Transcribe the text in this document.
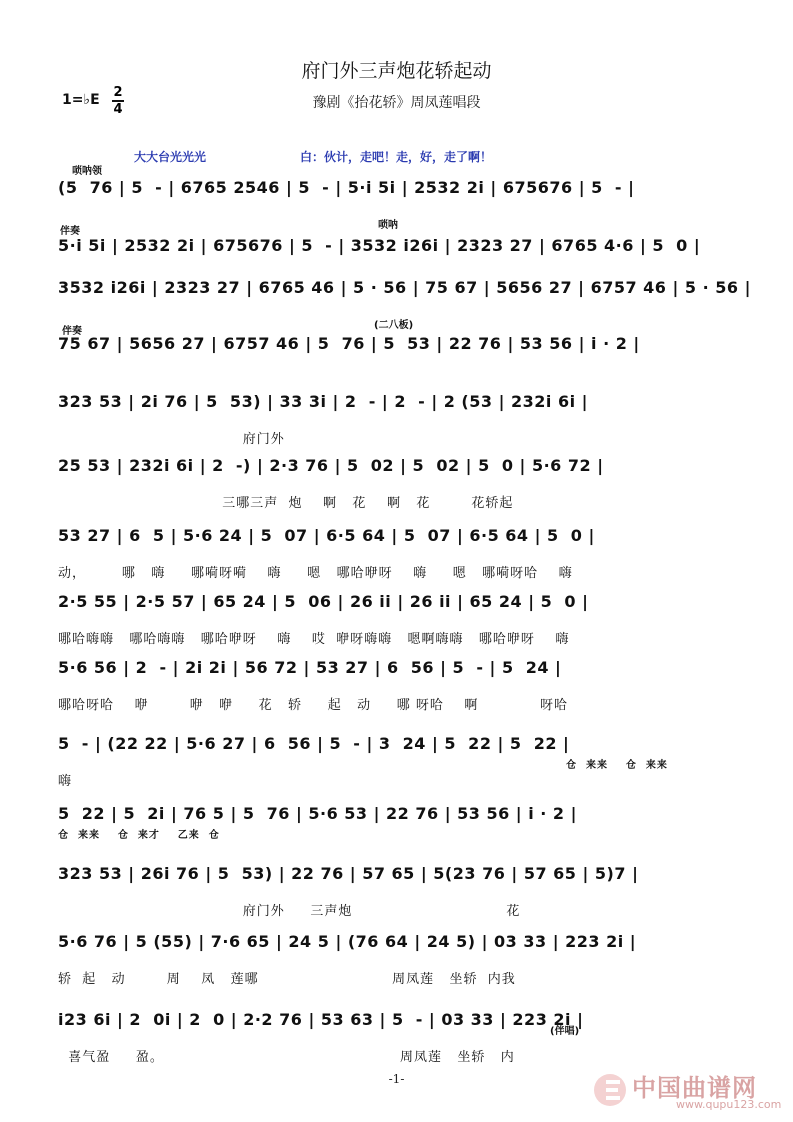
府门外三声炮花轿起动
豫剧《抬花轿》周凤莲唱段
1=♭E 2
4
大大台光光光	白：伙计，走吧！走，好，走了啊！
唢呐领
伴奏
唢呐
伴奏
(二八板)
(伴唱)
(5  76 | 5  - | 6765 2546 | 5  - | 5·i 5i | 2532 2i | 675676 | 5  - |
5·i 5i | 2532 2i | 675676 | 5  - | 3532 i26i | 2323 27 | 6765 4·6 | 5  0 |
3532 i26i | 2323 27 | 6765 46 | 5 · 56 | 75 67 | 5656 27 | 6757 46 | 5 · 56 |
75 67 | 5656 27 | 6757 46 | 5  76 | 5  53 | 22 76 | 53 56 | i · 2 |
323 53 | 2i 76 | 5  53) | 33 3i | 2  - | 2  - | 2 (53 | 232i 6i |
府门外
25 53 | 232i 6i | 2  -) | 2·3 76 | 5  02 | 5  02 | 5  0 | 5·6 72 |
三哪三声  炮    啊   花    啊   花        花轿起
53 27 | 6  5 | 5·6 24 | 5  07 | 6·5 64 | 5  07 | 6·5 64 | 5  0 |
动，       哪   嗨     哪嗬呀嗬    嗨     嗯   哪哈咿呀    嗨     嗯   哪嗬呀哈    嗨
2·5 55 | 2·5 57 | 65 24 | 5  06 | 26 ii | 26 ii | 65 24 | 5  0 |
哪哈嗨嗨   哪哈嗨嗨   哪哈咿呀    嗨    哎  咿呀嗨嗨   嗯啊嗨嗨   哪哈咿呀    嗨
5·6 56 | 2  - | 2i 2i | 56 72 | 53 27 | 6  56 | 5  - | 5  24 |
哪哈呀哈    咿        咿   咿     花   轿     起   动     哪 呀哈    啊            呀哈
5  - | (22 22 | 5·6 27 | 6  56 | 5  - | 3  24 | 5  22 | 5  22 |
嗨
5  22 | 5  2i | 76 5 | 5  76 | 5·6 53 | 22 76 | 53 56 | i · 2 |
323 53 | 26i 76 | 5  53) | 22 76 | 57 65 | 5(23 76 | 57 65 | 5)7 |
府门外     三声炮                              花
5·6 76 | 5 (55) | 7·6 65 | 24 5 | (76 64 | 24 5) | 03 33 | 223 2i |
轿  起   动        周    凤   莲哪                          周凤莲   坐轿  内我
i23 6i | 2  0i | 2  0 | 2·2 76 | 53 63 | 5  - | 03 33 | 223 2i |
喜气盈     盈。                                              周凤莲   坐轿   内
仓  来来    仓  来来
仓  来来    仓  来才    乙来  仓
-1-	中国曲谱网
www.qupu123.com
